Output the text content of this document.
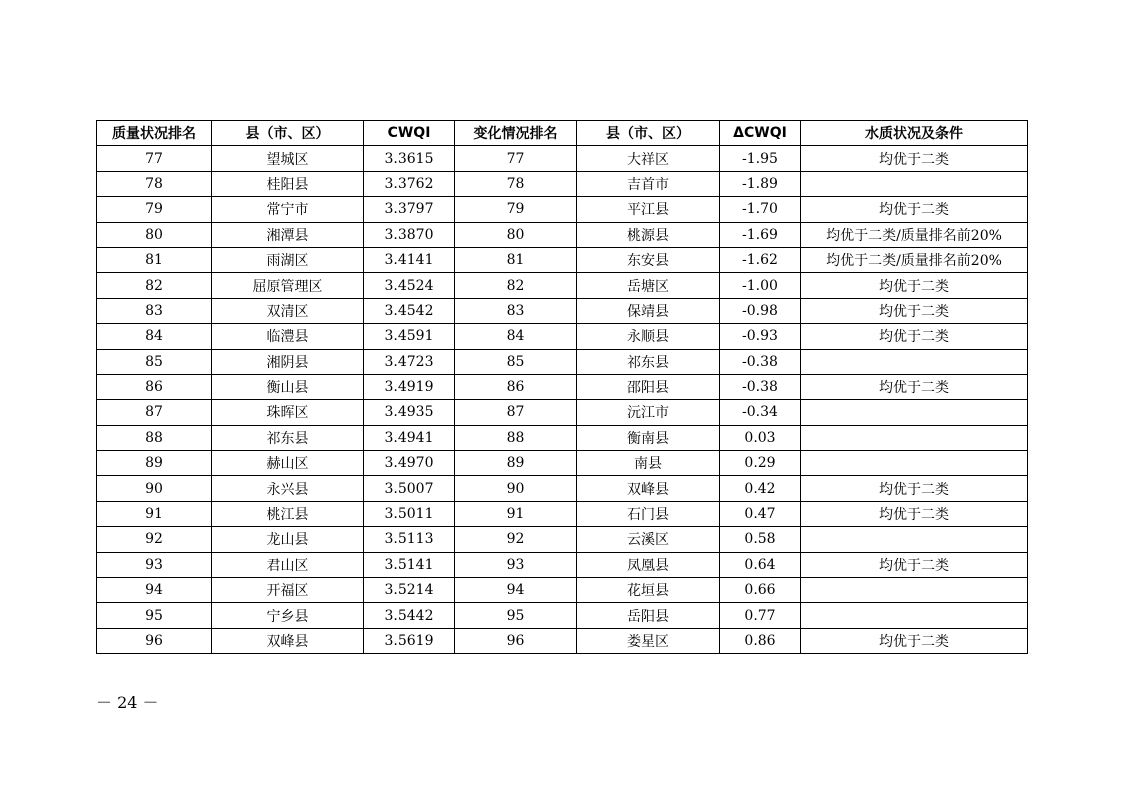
质量状况排名	县（市、区）	CWQI	变化情况排名	县（市、区）	ΔCWQI	水质状况及条件
77	望城区	3.3615	77	大祥区	-1.95	均优于二类
78	桂阳县	3.3762	78	吉首市	-1.89	
79	常宁市	3.3797	79	平江县	-1.70	均优于二类
80	湘潭县	3.3870	80	桃源县	-1.69	均优于二类/质量排名前20%
81	雨湖区	3.4141	81	东安县	-1.62	均优于二类/质量排名前20%
82	屈原管理区	3.4524	82	岳塘区	-1.00	均优于二类
83	双清区	3.4542	83	保靖县	-0.98	均优于二类
84	临澧县	3.4591	84	永顺县	-0.93	均优于二类
85	湘阴县	3.4723	85	祁东县	-0.38	
86	衡山县	3.4919	86	邵阳县	-0.38	均优于二类
87	珠晖区	3.4935	87	沅江市	-0.34	
88	祁东县	3.4941	88	衡南县	0.03	
89	赫山区	3.4970	89	南县	0.29	
90	永兴县	3.5007	90	双峰县	0.42	均优于二类
91	桃江县	3.5011	91	石门县	0.47	均优于二类
92	龙山县	3.5113	92	云溪区	0.58	
93	君山区	3.5141	93	凤凰县	0.64	均优于二类
94	开福区	3.5214	94	花垣县	0.66	
95	宁乡县	3.5442	95	岳阳县	0.77	
96	双峰县	3.5619	96	娄星区	0.86	均优于二类
－ 24 －
